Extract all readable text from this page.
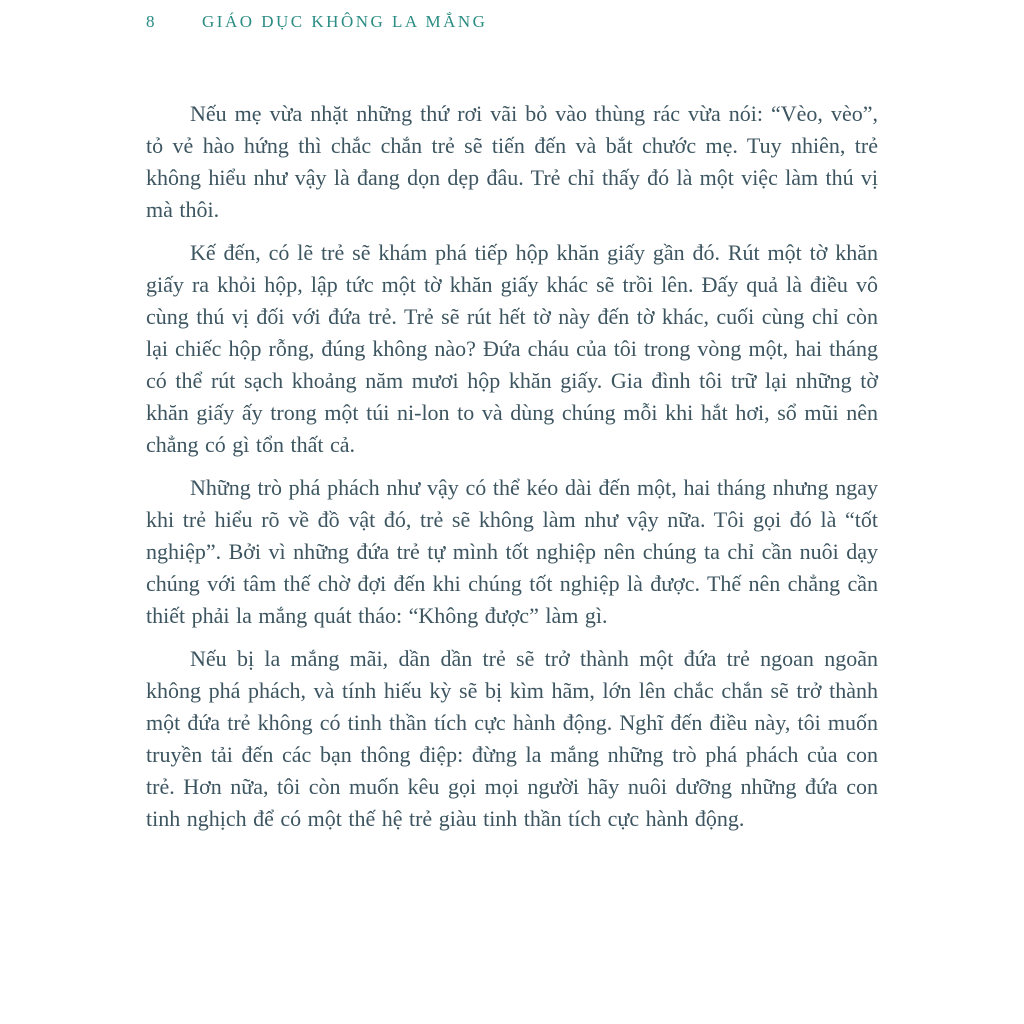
8	GIÁO DỤC KHÔNG LA MẮNG

Nếu mẹ vừa nhặt những thứ rơi vãi bỏ vào thùng rác vừa nói: “Vèo, vèo”, tỏ vẻ hào hứng thì chắc chắn trẻ sẽ tiến đến và bắt chước mẹ. Tuy nhiên, trẻ không hiểu như vậy là đang dọn dẹp đâu. Trẻ chỉ thấy đó là một việc làm thú vị mà thôi.

Kế đến, có lẽ trẻ sẽ khám phá tiếp hộp khăn giấy gần đó. Rút một tờ khăn giấy ra khỏi hộp, lập tức một tờ khăn giấy khác sẽ trồi lên. Đấy quả là điều vô cùng thú vị đối với đứa trẻ. Trẻ sẽ rút hết tờ này đến tờ khác, cuối cùng chỉ còn lại chiếc hộp rỗng, đúng không nào? Đứa cháu của tôi trong vòng một, hai tháng có thể rút sạch khoảng năm mươi hộp khăn giấy. Gia đình tôi trữ lại những tờ khăn giấy ấy trong một túi ni-lon to và dùng chúng mỗi khi hắt hơi, sổ mũi nên chẳng có gì tổn thất cả.

Những trò phá phách như vậy có thể kéo dài đến một, hai tháng nhưng ngay khi trẻ hiểu rõ về đồ vật đó, trẻ sẽ không làm như vậy nữa. Tôi gọi đó là “tốt nghiệp”. Bởi vì những đứa trẻ tự mình tốt nghiệp nên chúng ta chỉ cần nuôi dạy chúng với tâm thế chờ đợi đến khi chúng tốt nghiệp là được. Thế nên chẳng cần thiết phải la mắng quát tháo: “Không được” làm gì.

Nếu bị la mắng mãi, dần dần trẻ sẽ trở thành một đứa trẻ ngoan ngoãn không phá phách, và tính hiếu kỳ sẽ bị kìm hãm, lớn lên chắc chắn sẽ trở thành một đứa trẻ không có tinh thần tích cực hành động. Nghĩ đến điều này, tôi muốn truyền tải đến các bạn thông điệp: đừng la mắng những trò phá phách của con trẻ. Hơn nữa, tôi còn muốn kêu gọi mọi người hãy nuôi dưỡng những đứa con tinh nghịch để có một thế hệ trẻ giàu tinh thần tích cực hành động.
